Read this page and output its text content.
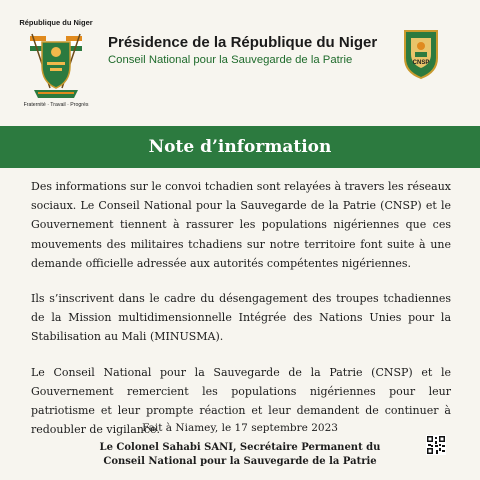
République du Niger
Fraternité · Travail · Progrès
Présidence de la République du Niger
Conseil National pour la Sauvegarde de la Patrie	CNSP
Note d’information

Des informations sur le convoi tchadien sont relayées à travers les réseaux sociaux. Le Conseil National pour la Sauvegarde de la Patrie (CNSP) et le Gouvernement tiennent à rassurer les populations nigériennes que ces mouvements des militaires tchadiens sur notre territoire font suite à une demande officielle adressée aux autorités compétentes nigériennes.

Ils s’inscrivent dans le cadre du désengagement des troupes tchadiennes de la Mission multidimensionnelle Intégrée des Nations Unies pour la Stabilisation au Mali (MINUSMA).

Le Conseil National pour la Sauvegarde de la Patrie (CNSP) et le Gouvernement remercient les populations nigériennes pour leur patriotisme et leur prompte réaction et leur demandent de continuer à redoubler de vigilance.

Fait à Niamey, le 17 septembre 2023
Le Colonel Sahabi SANI, Secrétaire Permanent du
Conseil National pour la Sauvegarde de la Patrie
